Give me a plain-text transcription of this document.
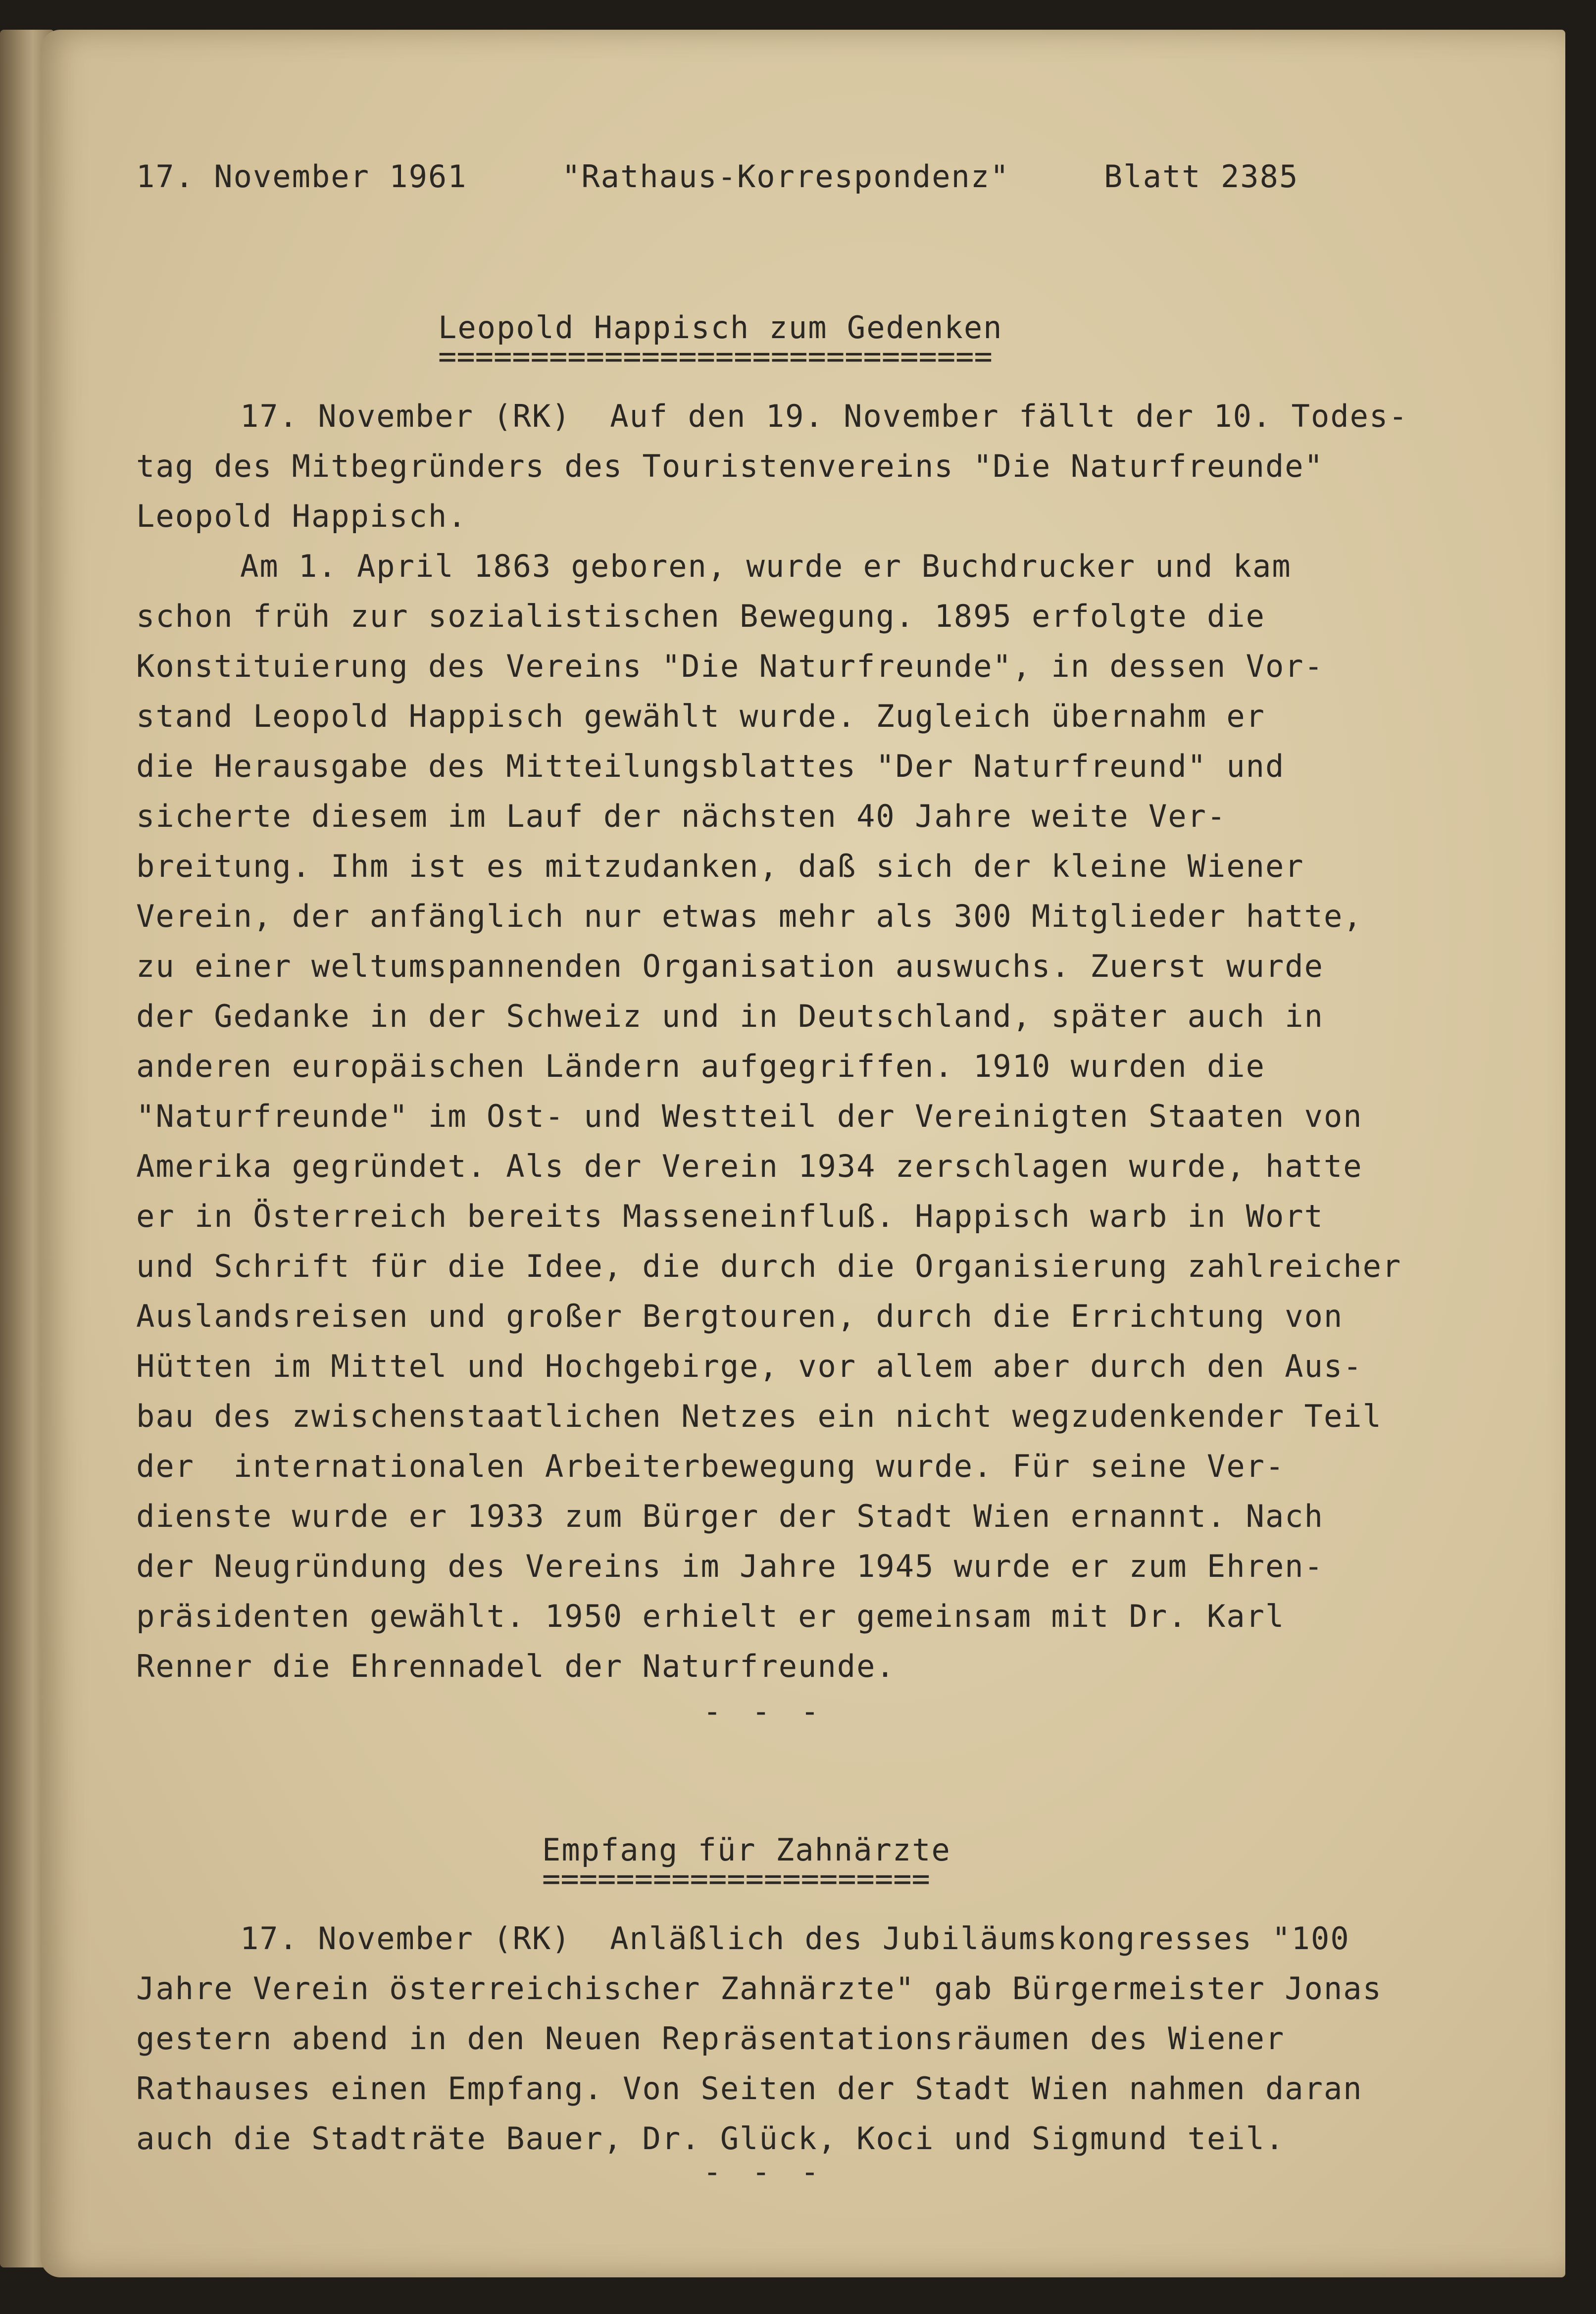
17. November 1961	"Rathaus-Korrespondenz"	Blatt 2385
Leopold Happisch zum Gedenken
==============================
17. November (RK)  Auf den 19. November fällt der 10. Todes-
tag des Mitbegründers des Touristenvereins "Die Naturfreunde"
Leopold Happisch.
Am 1. April 1863 geboren, wurde er Buchdrucker und kam
schon früh zur sozialistischen Bewegung. 1895 erfolgte die
Konstituierung des Vereins "Die Naturfreunde", in dessen Vor-
stand Leopold Happisch gewählt wurde. Zugleich übernahm er
die Herausgabe des Mitteilungsblattes "Der Naturfreund" und
sicherte diesem im Lauf der nächsten 40 Jahre weite Ver-
breitung. Ihm ist es mitzudanken, daß sich der kleine Wiener
Verein, der anfänglich nur etwas mehr als 300 Mitglieder hatte,
zu einer weltumspannenden Organisation auswuchs. Zuerst wurde
der Gedanke in der Schweiz und in Deutschland, später auch in
anderen europäischen Ländern aufgegriffen. 1910 wurden die
"Naturfreunde" im Ost- und Westteil der Vereinigten Staaten von
Amerika gegründet. Als der Verein 1934 zerschlagen wurde, hatte
er in Österreich bereits Masseneinfluß. Happisch warb in Wort
und Schrift für die Idee, die durch die Organisierung zahlreicher
Auslandsreisen und großer Bergtouren, durch die Errichtung von
Hütten im Mittel und Hochgebirge, vor allem aber durch den Aus-
bau des zwischenstaatlichen Netzes ein nicht wegzudenkender Teil
der  internationalen Arbeiterbewegung wurde. Für seine Ver-
dienste wurde er 1933 zum Bürger der Stadt Wien ernannt. Nach
der Neugründung des Vereins im Jahre 1945 wurde er zum Ehren-
präsidenten gewählt. 1950 erhielt er gemeinsam mit Dr. Karl
Renner die Ehrennadel der Naturfreunde.
- - -
Empfang für Zahnärzte
=====================
17. November (RK)  Anläßlich des Jubiläumskongresses "100
Jahre Verein österreichischer Zahnärzte" gab Bürgermeister Jonas
gestern abend in den Neuen Repräsentationsräumen des Wiener
Rathauses einen Empfang. Von Seiten der Stadt Wien nahmen daran
auch die Stadträte Bauer, Dr. Glück, Koci und Sigmund teil.
- - -
